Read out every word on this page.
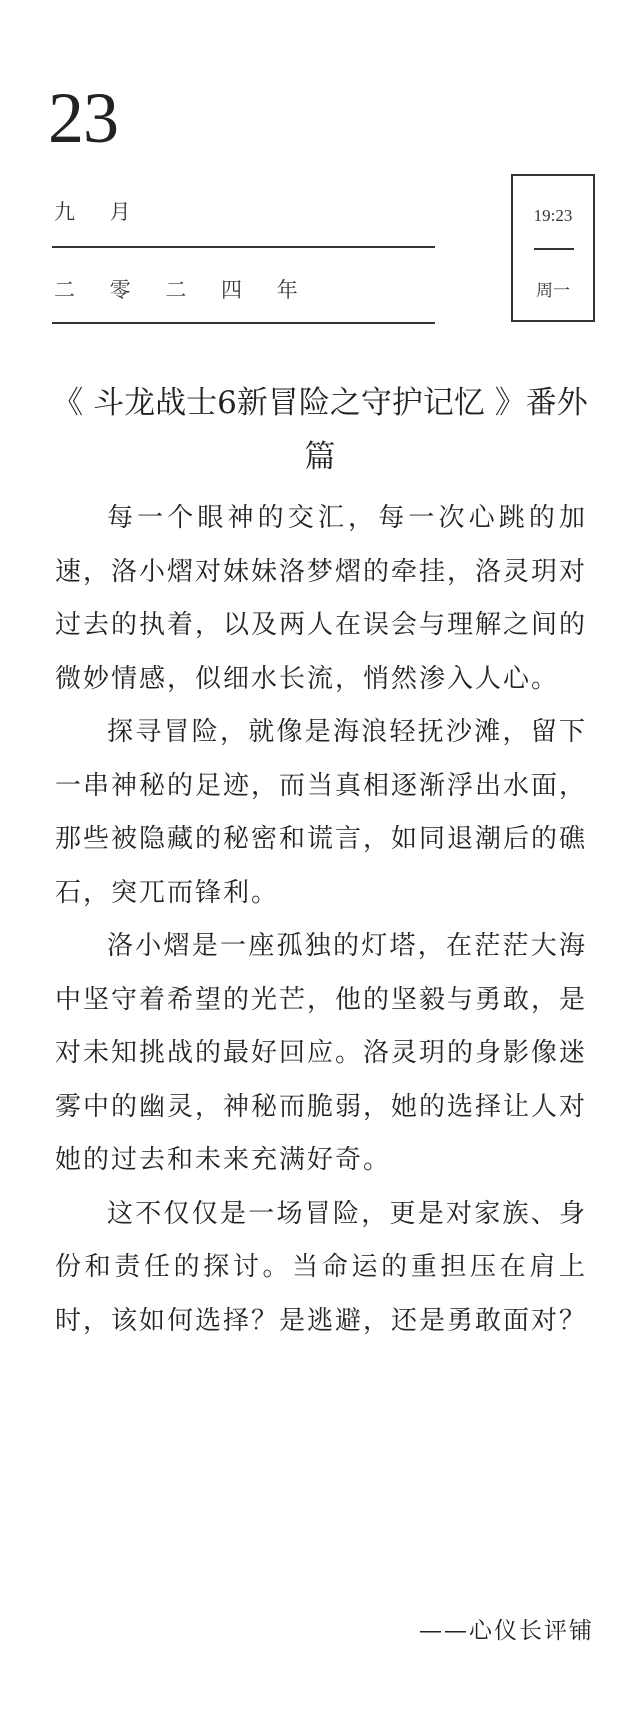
23
九 月
二 零 二 四 年
19:23
周一
《 斗龙战士6新冒险之守护记忆 》番外篇

每一个眼神的交汇，每一次心跳的加速，洛小熠对妹妹洛梦熠的牵挂，洛灵玥对过去的执着，以及两人在误会与理解之间的微妙情感，似细水长流，悄然渗入人心。

探寻冒险，就像是海浪轻抚沙滩，留下一串神秘的足迹，而当真相逐渐浮出水面，那些被隐藏的秘密和谎言，如同退潮后的礁石，突兀而锋利。

洛小熠是一座孤独的灯塔，在茫茫大海中坚守着希望的光芒，他的坚毅与勇敢，是对未知挑战的最好回应。洛灵玥的身影像迷雾中的幽灵，神秘而脆弱，她的选择让人对她的过去和未来充满好奇。

这不仅仅是一场冒险，更是对家族、身份和责任的探讨。当命运的重担压在肩上时，该如何选择？是逃避，还是勇敢面对？

——心仪长评铺
